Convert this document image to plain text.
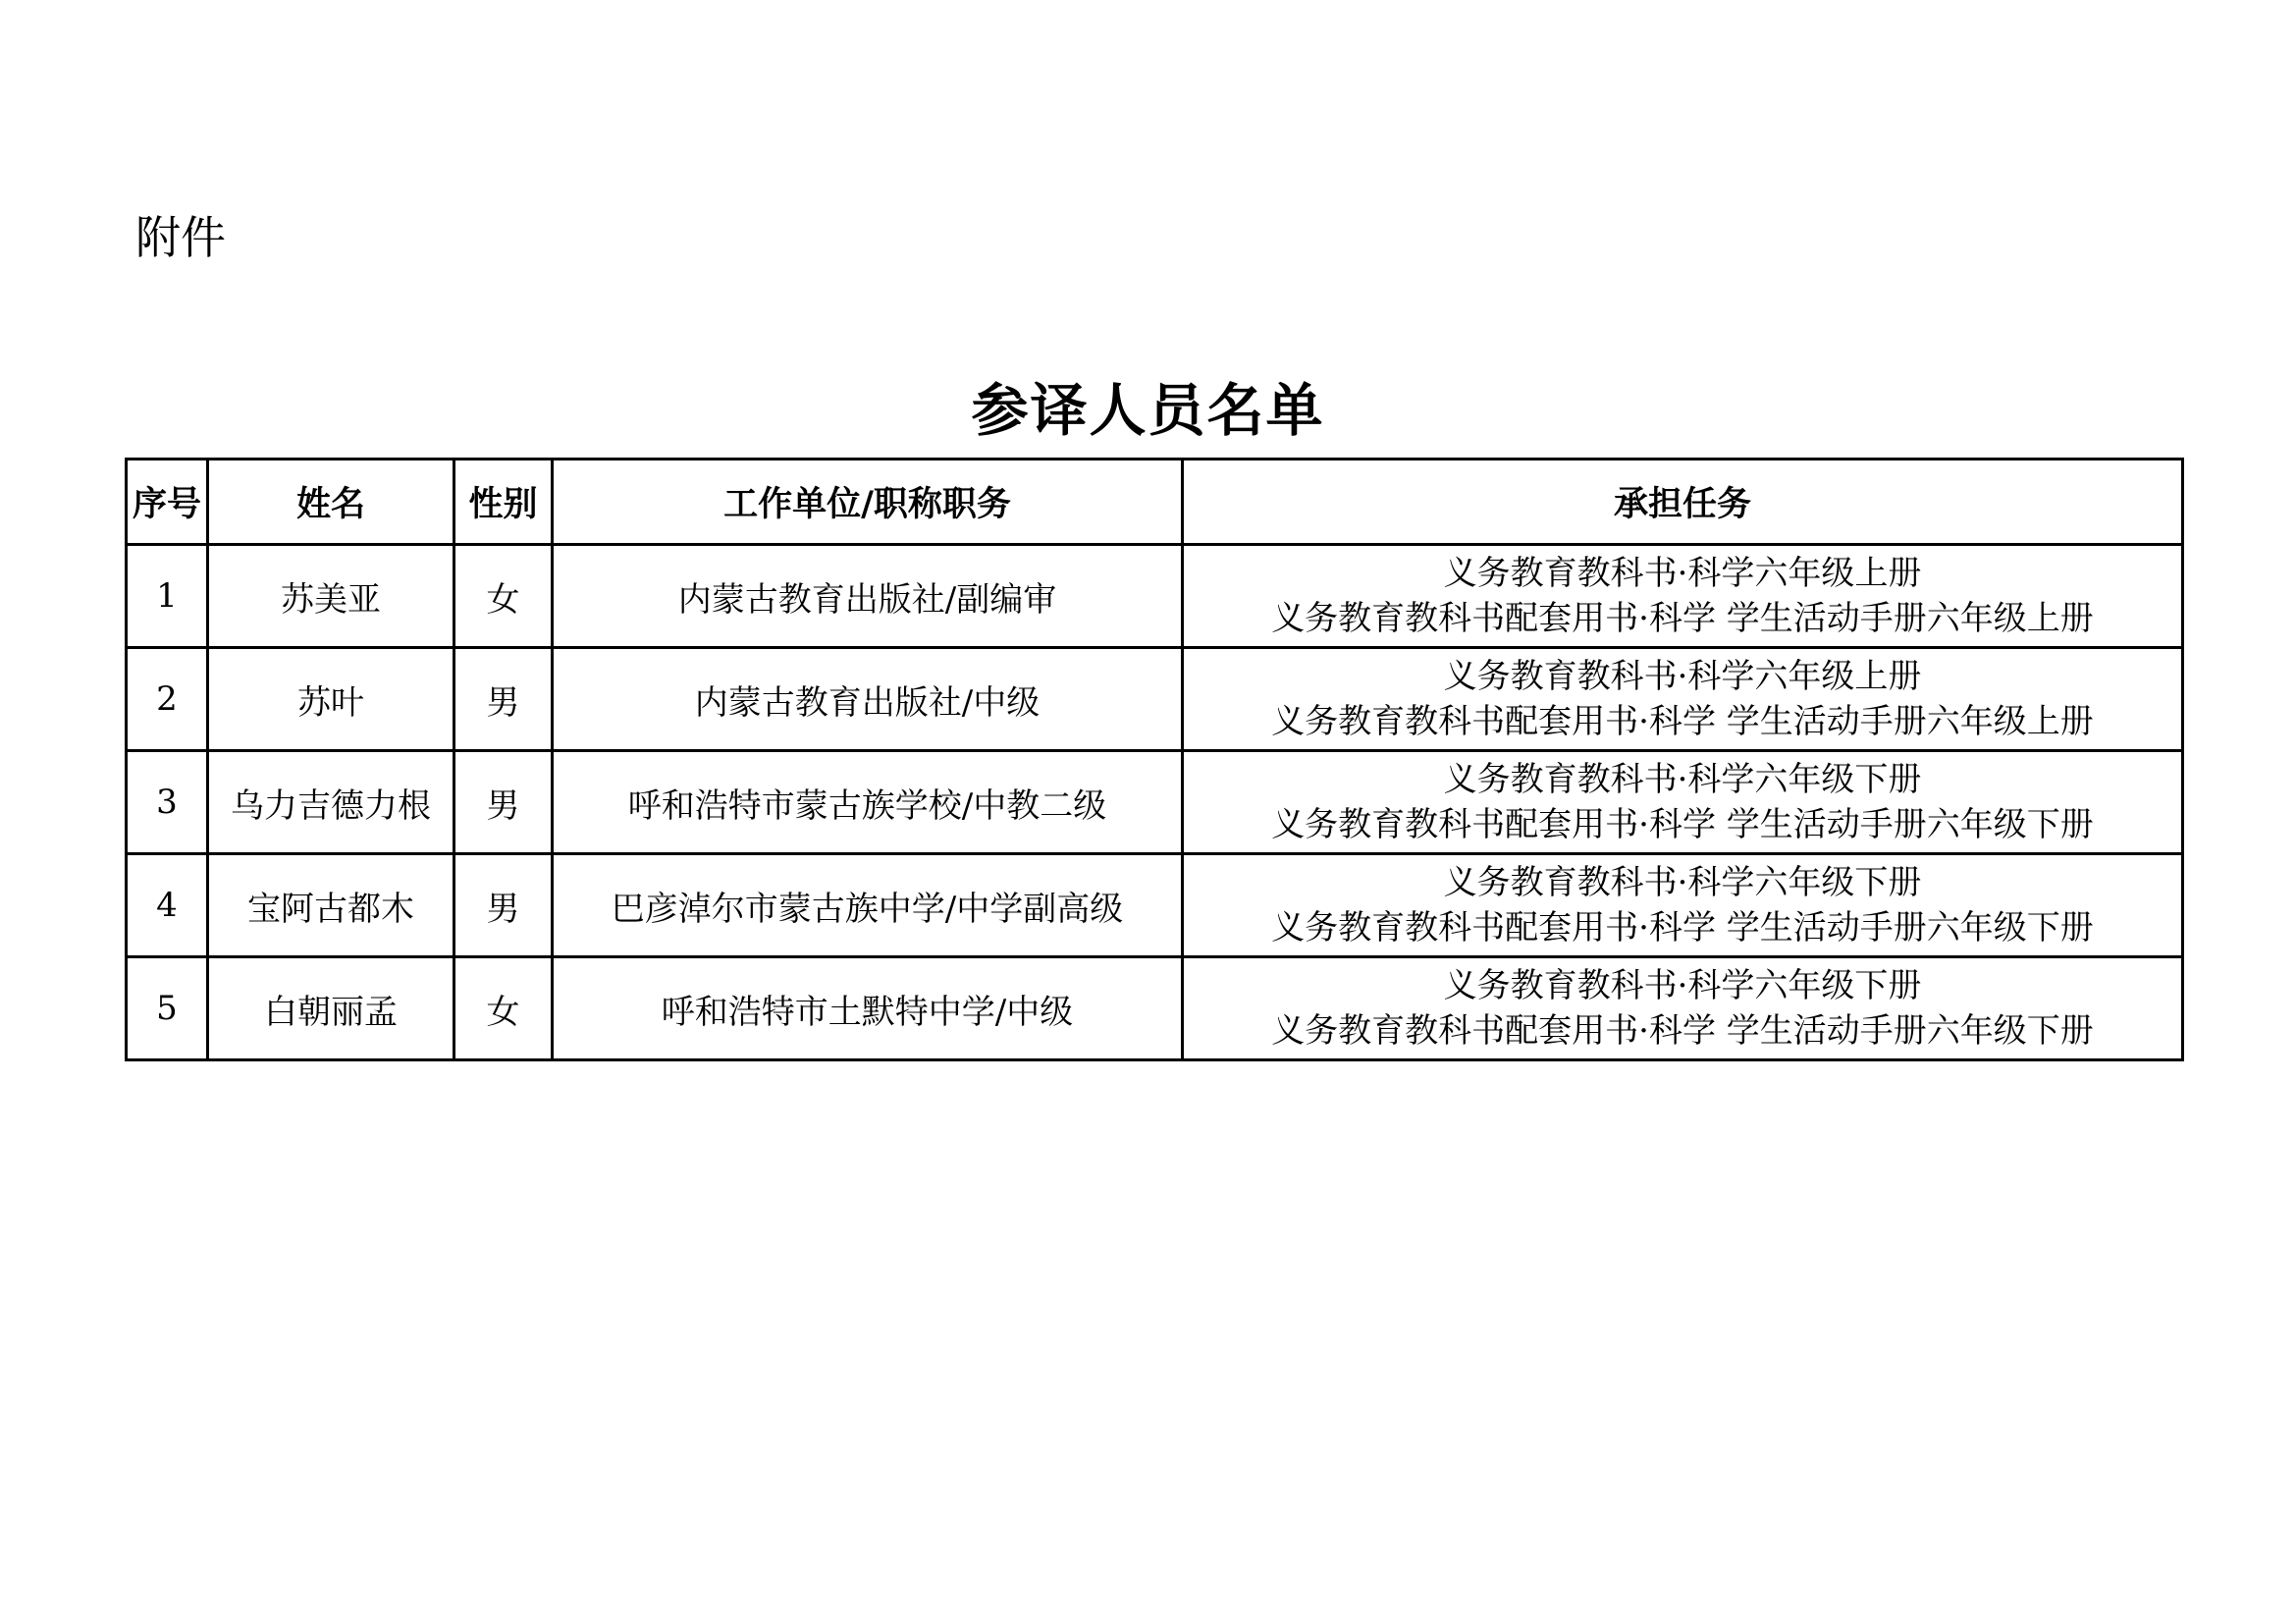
附件
参译人员名单
序号	姓名	性别	工作单位/职称职务	承担任务
1	苏美亚	女	内蒙古教育出版社/副编审	义务教育教科书·科学六年级上册
义务教育教科书配套用书·科学 学生活动手册六年级上册

2	苏叶	男	内蒙古教育出版社/中级	义务教育教科书·科学六年级上册
义务教育教科书配套用书·科学 学生活动手册六年级上册

3	乌力吉德力根	男	呼和浩特市蒙古族学校/中教二级	义务教育教科书·科学六年级下册
义务教育教科书配套用书·科学 学生活动手册六年级下册

4	宝阿古都木	男	巴彦淖尔市蒙古族中学/中学副高级	义务教育教科书·科学六年级下册
义务教育教科书配套用书·科学 学生活动手册六年级下册

5	白朝丽孟	女	呼和浩特市土默特中学/中级	义务教育教科书·科学六年级下册
义务教育教科书配套用书·科学 学生活动手册六年级下册
